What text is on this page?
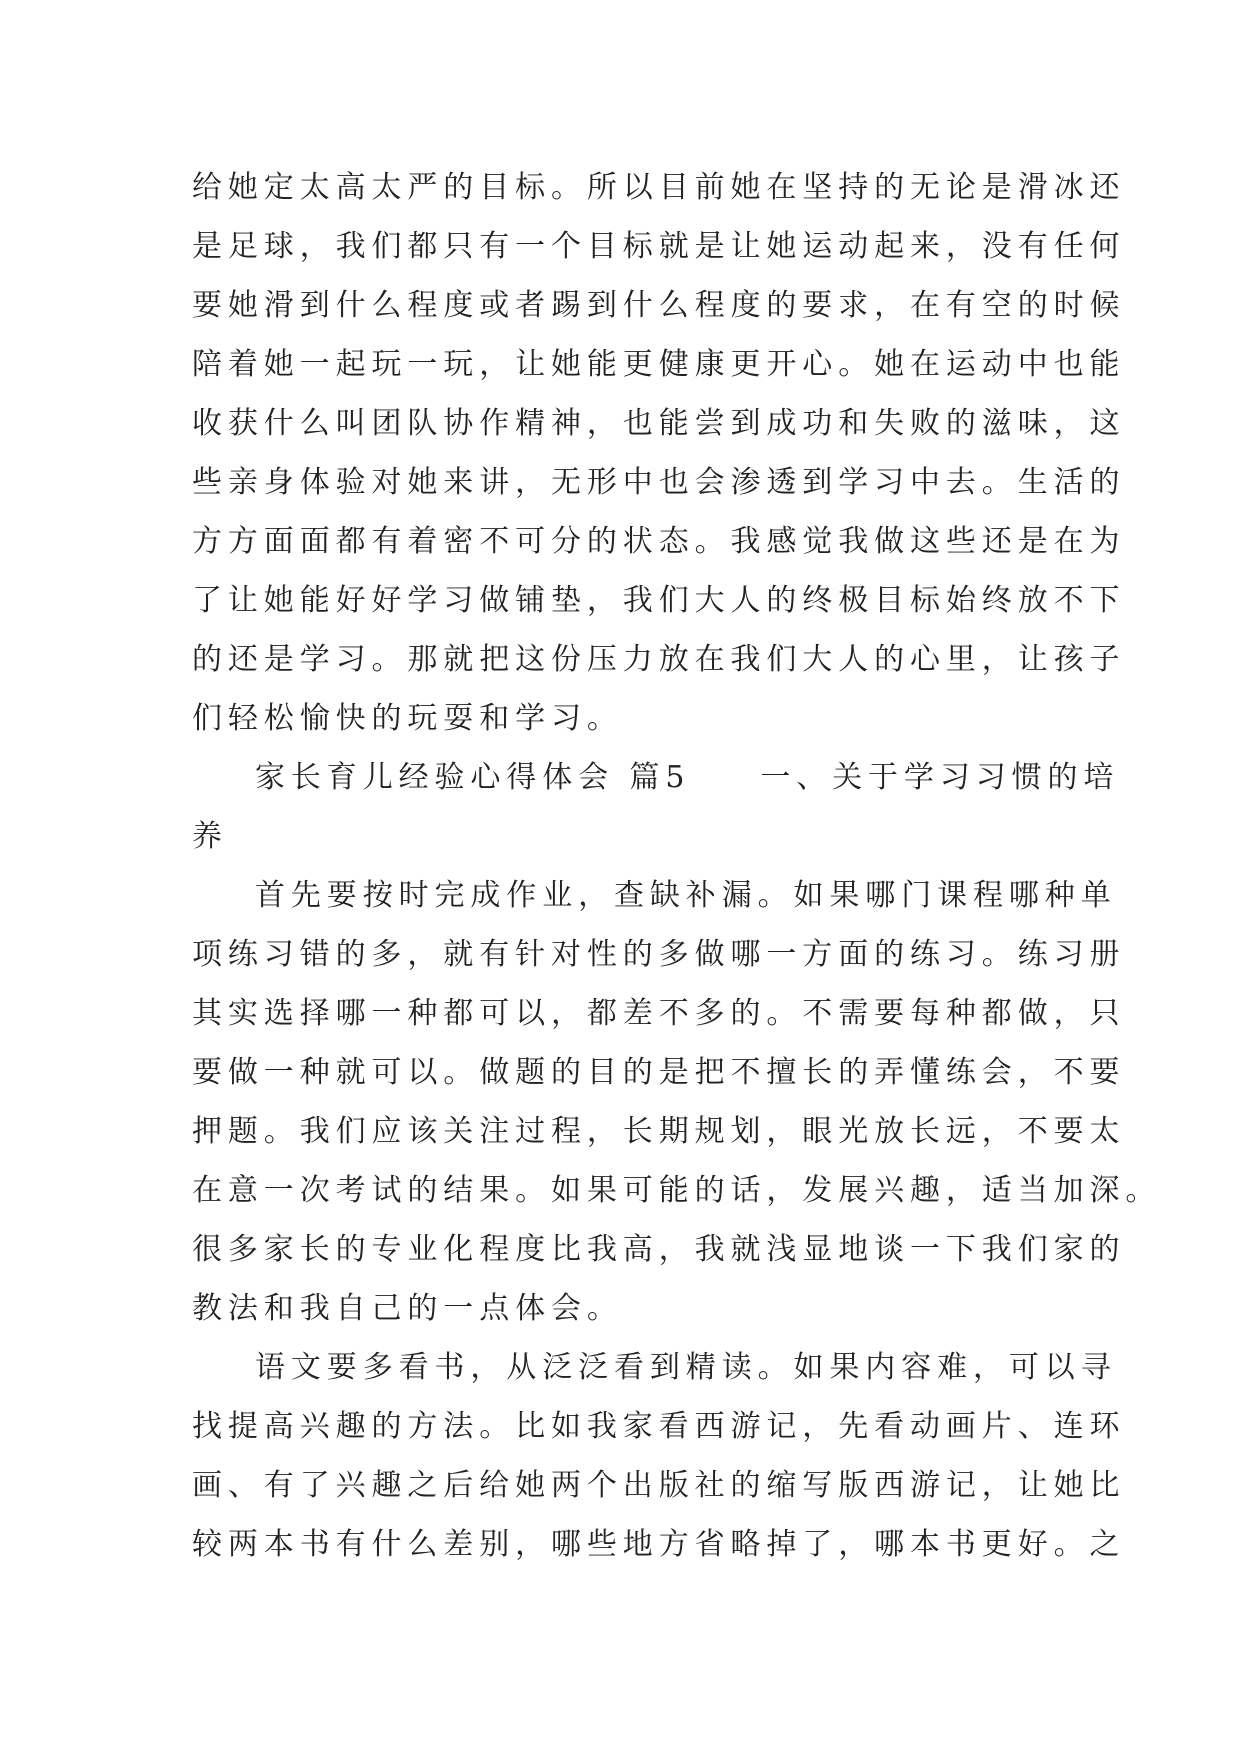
给她定太高太严的目标。所以目前她在坚持的无论是滑冰还
是足球，我们都只有一个目标就是让她运动起来，没有任何
要她滑到什么程度或者踢到什么程度的要求，在有空的时候
陪着她一起玩一玩，让她能更健康更开心。她在运动中也能
收获什么叫团队协作精神，也能尝到成功和失败的滋味，这
些亲身体验对她来讲，无形中也会渗透到学习中去。生活的
方方面面都有着密不可分的状态。我感觉我做这些还是在为
了让她能好好学习做铺垫，我们大人的终极目标始终放不下
的还是学习。那就把这份压力放在我们大人的心里，让孩子
们轻松愉快的玩耍和学习。
家长育儿经验心得体会 篇5 一、关于学习习惯的培
养
首先要按时完成作业，查缺补漏。如果哪门课程哪种单
项练习错的多，就有针对性的多做哪一方面的练习。练习册
其实选择哪一种都可以，都差不多的。不需要每种都做，只
要做一种就可以。做题的目的是把不擅长的弄懂练会，不要
押题。我们应该关注过程，长期规划，眼光放长远，不要太
在意一次考试的结果。如果可能的话，发展兴趣，适当加深。
很多家长的专业化程度比我高，我就浅显地谈一下我们家的
教法和我自己的一点体会。
语文要多看书，从泛泛看到精读。如果内容难，可以寻
找提高兴趣的方法。比如我家看西游记，先看动画片、连环
画、有了兴趣之后给她两个出版社的缩写版西游记，让她比
较两本书有什么差别，哪些地方省略掉了，哪本书更好。之
